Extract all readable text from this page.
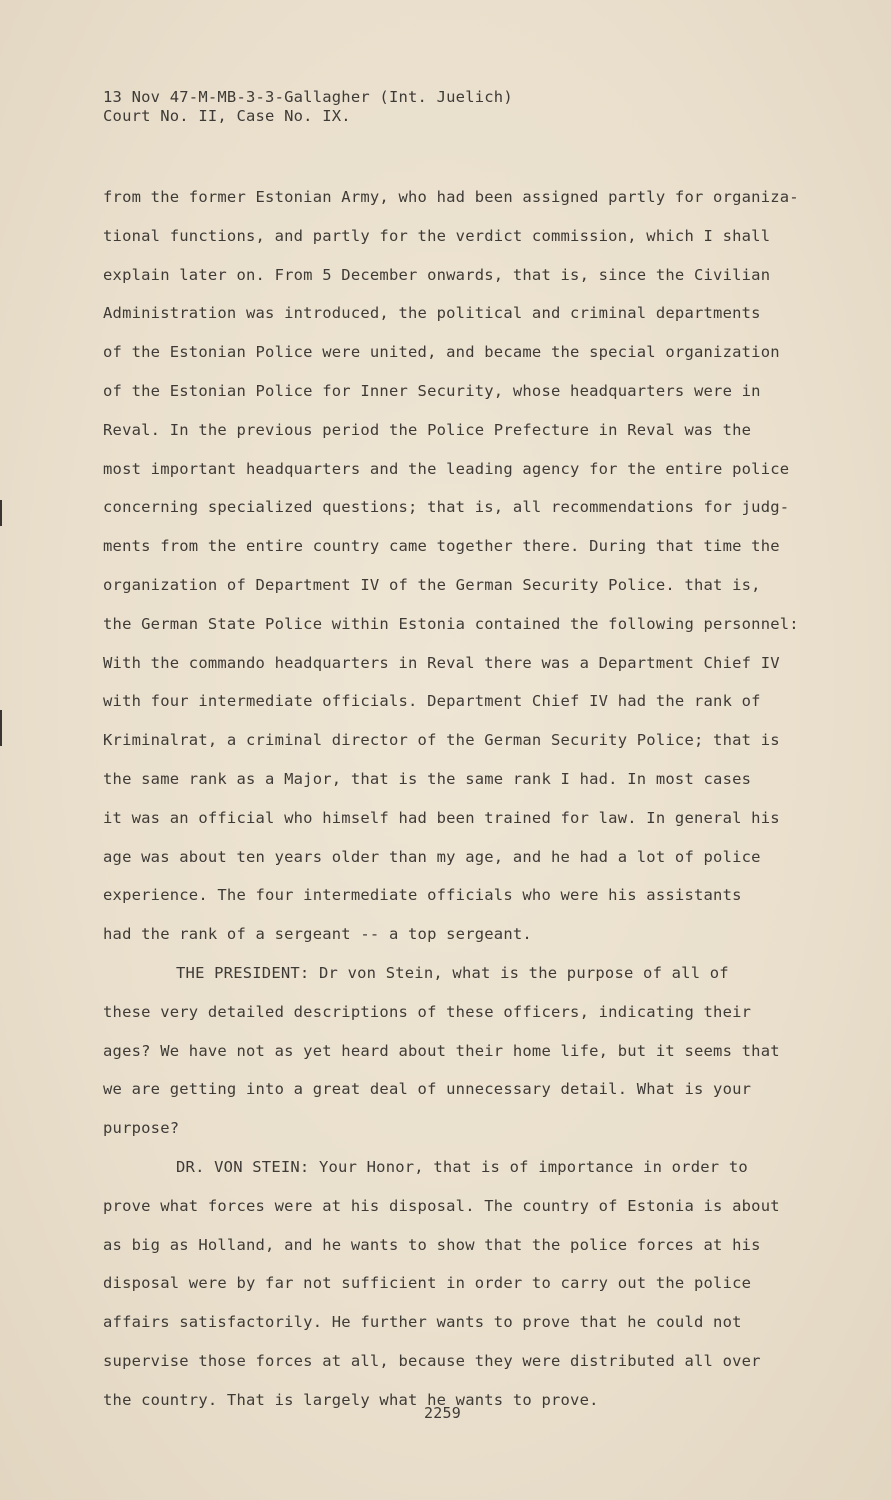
13 Nov 47-M-MB-3-3-Gallagher (Int. Juelich)
Court No. II, Case No. IX.
from the former Estonian Army, who had been assigned partly for organiza-
tional functions, and partly for the verdict commission, which I shall
explain later on. From 5 December onwards, that is, since the Civilian
Administration was introduced, the political and criminal departments
of the Estonian Police were united, and became the special organization
of the Estonian Police for Inner Security, whose headquarters were in
Reval. In the previous period the Police Prefecture in Reval was the
most important headquarters and the leading agency for the entire police
concerning specialized questions; that is, all recommendations for judg-
ments from the entire country came together there. During that time the
organization of Department IV of the German Security Police. that is,
the German State Police within Estonia contained the following personnel:
With the commando headquarters in Reval there was a Department Chief IV
with four intermediate officials. Department Chief IV had the rank of
Kriminalrat, a criminal director of the German Security Police; that is
the same rank as a Major, that is the same rank I had. In most cases
it was an official who himself had been trained for law. In general his
age was about ten years older than my age, and he had a lot of police
experience. The four intermediate officials who were his assistants
had the rank of a sergeant -- a top sergeant.
THE PRESIDENT: Dr von Stein, what is the purpose of all of
these very detailed descriptions of these officers, indicating their
ages? We have not as yet heard about their home life, but it seems that
we are getting into a great deal of unnecessary detail. What is your
purpose?
DR. VON STEIN: Your Honor, that is of importance in order to
prove what forces were at his disposal. The country of Estonia is about
as big as Holland, and he wants to show that the police forces at his
disposal were by far not sufficient in order to carry out the police
affairs satisfactorily. He further wants to prove that he could not
supervise those forces at all, because they were distributed all over
the country. That is largely what he wants to prove.
2259
